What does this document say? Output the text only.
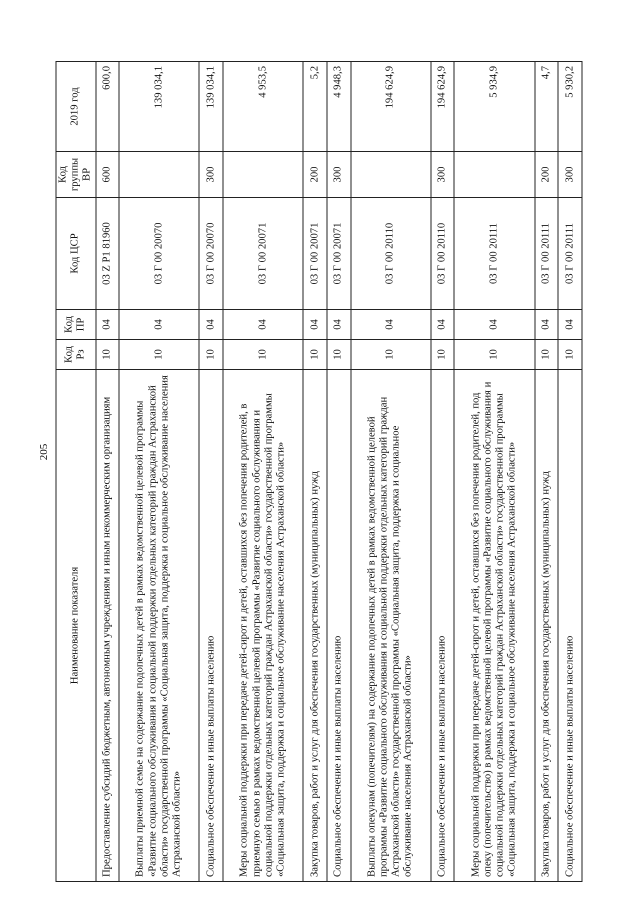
205
Наименование показателя	Код Рз	Код ПР	Код ЦСР	Код группы ВР	2019 год
Предоставление субсидий бюджетным, автономным учреждениям и иным некоммерческим организациям	10	04	03 Z Р1 81960	600	600,0
Выплаты приемной семье на содержание подопечных детей в рамках ведомственной целевой программы «Развитие социального обслуживания и социальной поддержки отдельных категорий граждан Астраханской области» государственной программы «Социальная защита, поддержка и социальное обслуживание населения Астраханской области»	10	04	03 Г 00 20070		139 034,1
Социальное обеспечение и иные выплаты населению	10	04	03 Г 00 20070	300	139 034,1
Меры социальной поддержки при передаче детей-сирот и детей, оставшихся без попечения родителей, в приемную семью в рамках ведомственной целевой программы «Развитие социального обслуживания и социальной поддержки отдельных категорий граждан Астраханской области» государственной программы «Социальная защита, поддержка и социальное обслуживание населения Астраханской области»	10	04	03 Г 00 20071		4 953,5
Закупка товаров, работ и услуг для обеспечения государственных (муниципальных) нужд	10	04	03 Г 00 20071	200	5,2
Социальное обеспечение и иные выплаты населению	10	04	03 Г 00 20071	300	4 948,3
Выплаты опекунам (попечителям) на содержание подопечных детей в рамках ведомственной целевой программы «Развитие социального обслуживания и социальной поддержки отдельных категорий граждан Астраханской области» государственной программы «Социальная защита, поддержка и социальное обслуживание населения Астраханской области»	10	04	03 Г 00 20110		194 624,9
Социальное обеспечение и иные выплаты населению	10	04	03 Г 00 20110	300	194 624,9
Меры социальной поддержки при передаче детей-сирот и детей, оставшихся без попечения родителей, под опеку (попечительство) в рамках ведомственной целевой программы «Развитие социального обслуживания и социальной поддержки отдельных категорий граждан Астраханской области» государственной программы «Социальная защита, поддержка и социальное обслуживание населения Астраханской области»	10	04	03 Г 00 20111		5 934,9
Закупка товаров, работ и услуг для обеспечения государственных (муниципальных) нужд	10	04	03 Г 00 20111	200	4,7
Социальное обеспечение и иные выплаты населению	10	04	03 Г 00 20111	300	5 930,2
